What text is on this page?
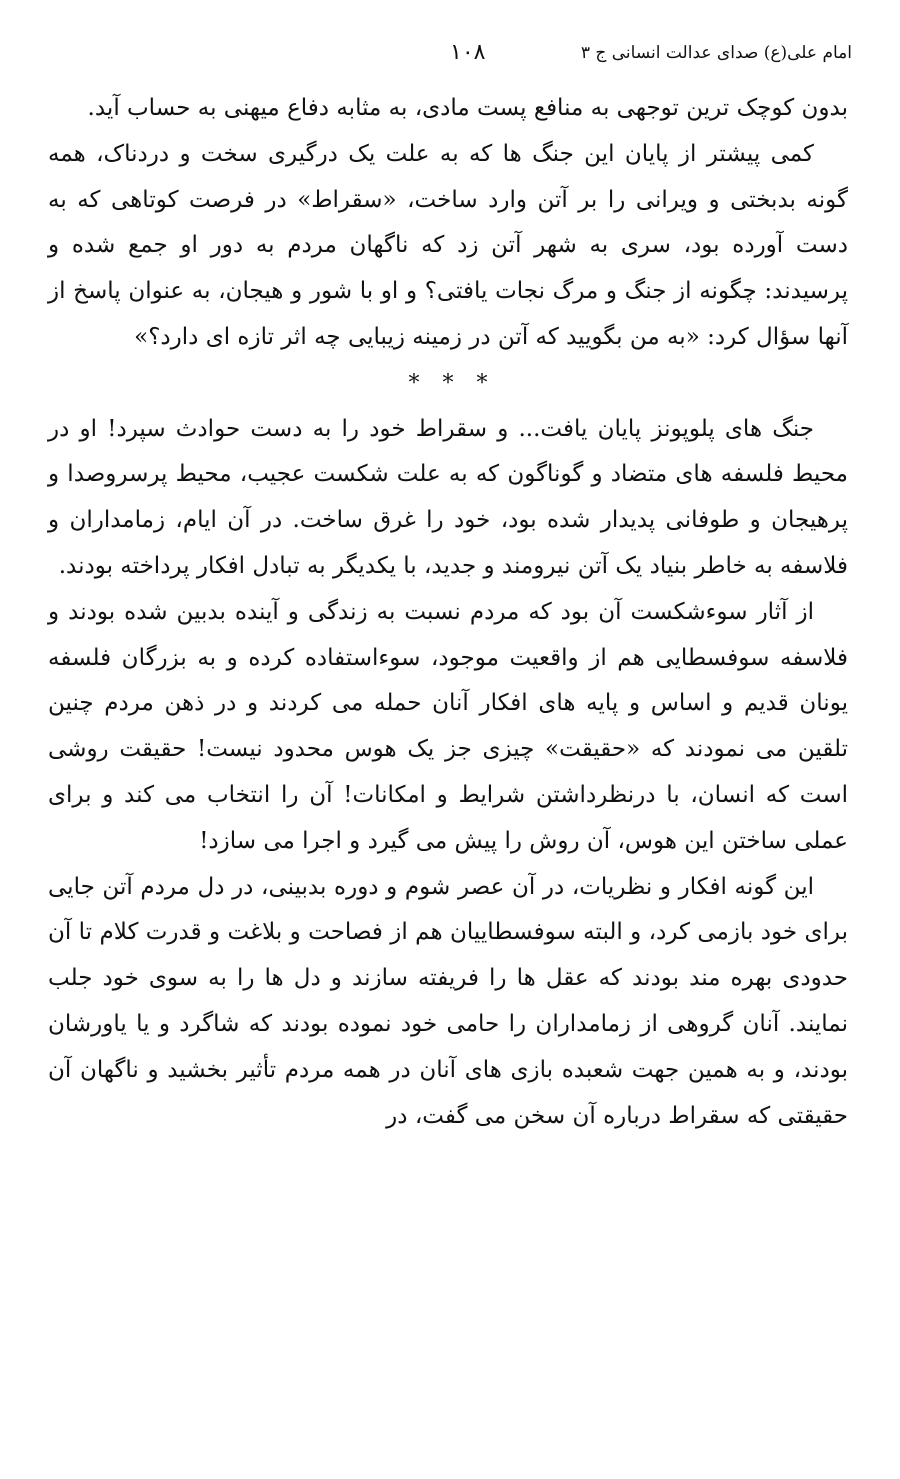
امام علی(ع) صدای عدالت انسانی ج ۳
۱۰۸

بدون کوچک ترین توجهی به منافع پست مادی، به مثابه دفاع میهنی به حساب آید.

کمی پیشتر از پایان این جنگ ها که به علت یک درگیری سخت و دردناک، همه گونه بدبختی و ویرانی را بر آتن وارد ساخت، «سقراط» در فرصت کوتاهی که به دست آورده بود، سری به شهر آتن زد که ناگهان مردم به دور او جمع شده و پرسیدند: چگونه از جنگ و مرگ نجات یافتی؟ و او با شور و هیجان، به عنوان پاسخ از آنها سؤال کرد: «به من بگویید که آتن در زمینه زیبایی چه اثر تازه ای دارد؟»

* * *

جنگ های پلوپونز پایان یافت... و سقراط خود را به دست حوادث سپرد! او در محیط فلسفه های متضاد و گوناگون که به علت شکست عجیب، محیط پرسروصدا و پرهیجان و طوفانی پدیدار شده بود، خود را غرق ساخت. در آن ایام، زمامداران و فلاسفه به خاطر بنیاد یک آتن نیرومند و جدید، با یکدیگر به تبادل افکار پرداخته بودند.

از آثار سوءشکست آن بود که مردم نسبت به زندگی و آینده بدبین شده بودند و فلاسفه سوفسطایی هم از واقعیت موجود، سوءاستفاده کرده و به بزرگان فلسفه یونان قدیم و اساس و پایه های افکار آنان حمله می کردند و در ذهن مردم چنین تلقین می نمودند که «حقیقت» چیزی جز یک هوس محدود نیست! حقیقت روشی است که انسان، با درنظرداشتن شرایط و امکانات! آن را انتخاب می کند و برای عملی ساختن این هوس، آن روش را پیش می گیرد و اجرا می سازد!

این گونه افکار و نظریات، در آن عصر شوم و دوره بدبینی، در دل مردم آتن جایی برای خود بازمی کرد، و البته سوفسطاییان هم از فصاحت و بلاغت و قدرت کلام تا آن حدودی بهره مند بودند که عقل ها را فریفته سازند و دل ها را به سوی خود جلب نمایند. آنان گروهی از زمامداران را حامی خود نموده بودند که شاگرد و یا یاورشان بودند، و به همین جهت شعبده بازی های آنان در همه مردم تأثیر بخشید و ناگهان آن حقیقتی که سقراط درباره آن سخن می گفت، در
